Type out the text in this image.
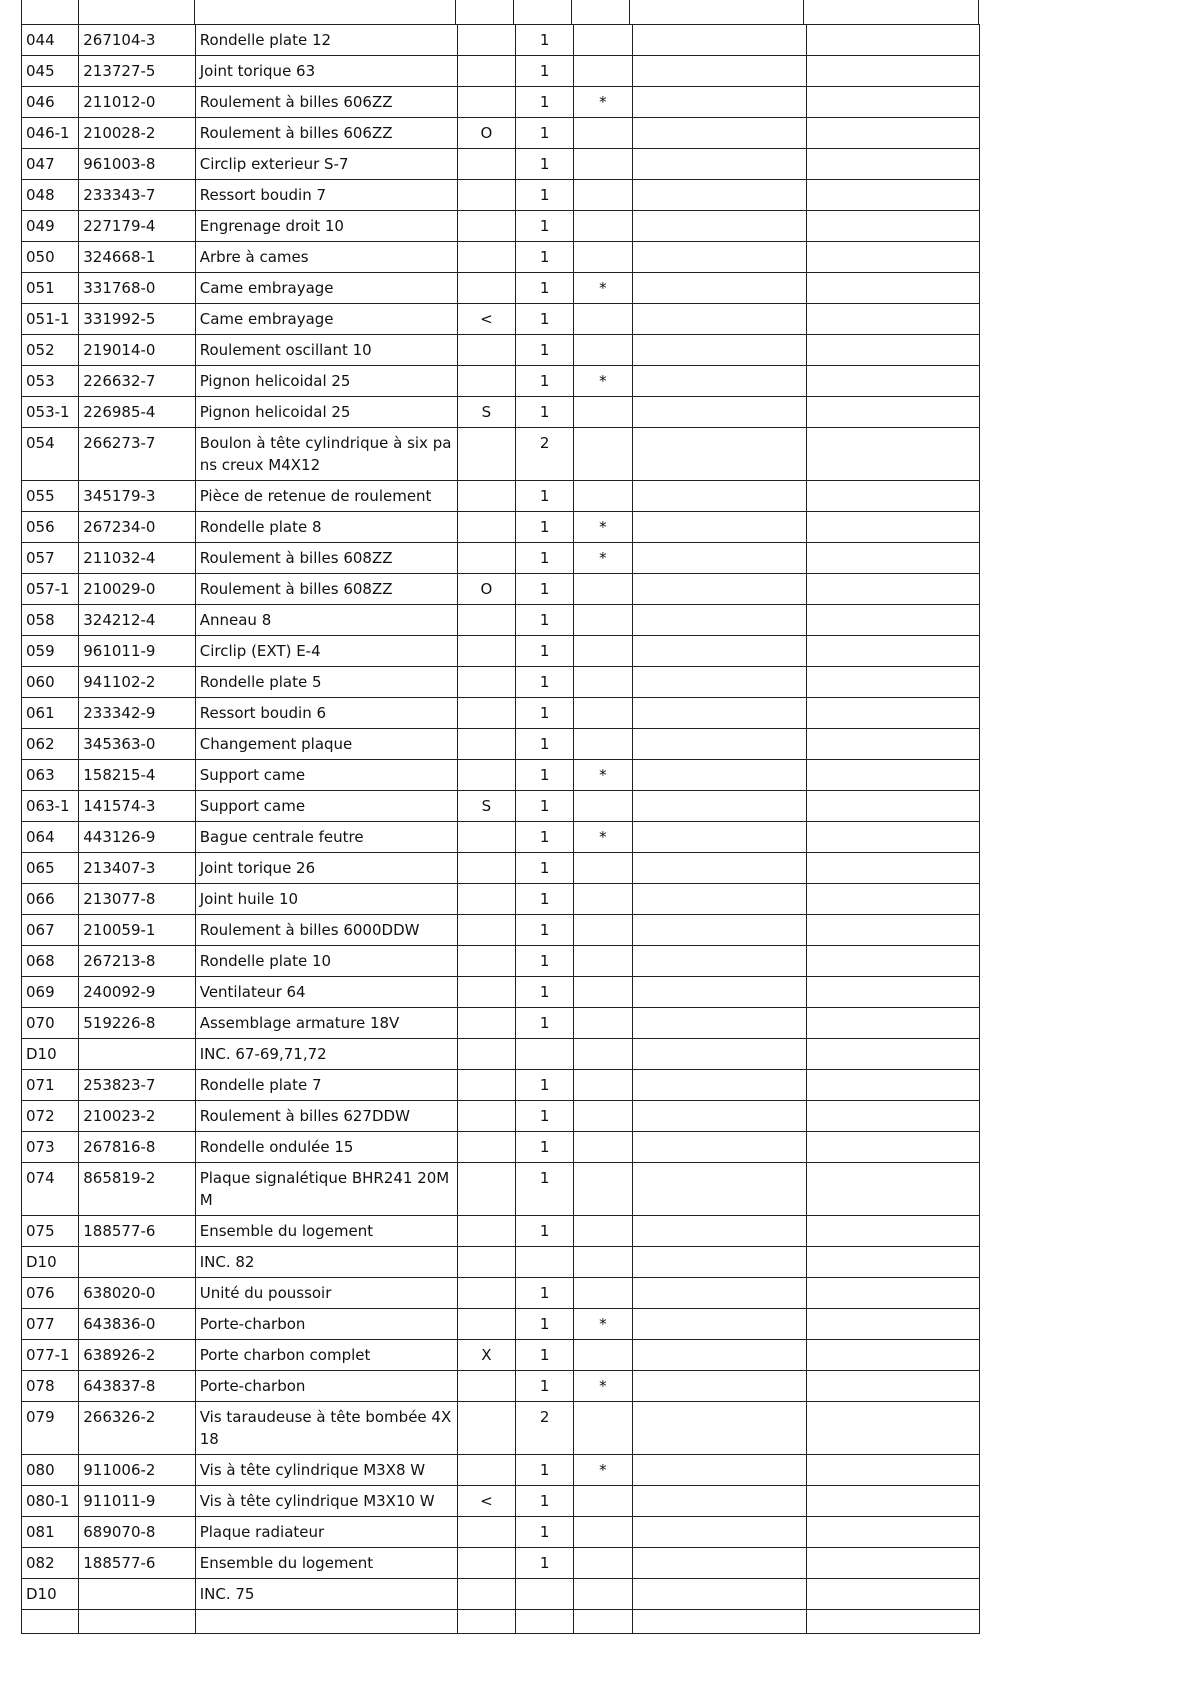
044	267104-3	Rondelle plate 12		1			
045	213727-5	Joint torique 63		1			
046	211012-0	Roulement à billes 606ZZ		1	*		
046-1	210028-2	Roulement à billes 606ZZ	O	1			
047	961003-8	Circlip exterieur S-7		1			
048	233343-7	Ressort boudin 7		1			
049	227179-4	Engrenage droit 10		1			
050	324668-1	Arbre à cames		1			
051	331768-0	Came embrayage		1	*		
051-1	331992-5	Came embrayage	<	1			
052	219014-0	Roulement oscillant 10		1			
053	226632-7	Pignon helicoidal 25		1	*		
053-1	226985-4	Pignon helicoidal 25	S	1			
054	266273-7	Boulon à tête cylindrique à six pa ns creux M4X12		2			
055	345179-3	Pièce de retenue de roulement		1			
056	267234-0	Rondelle plate 8		1	*		
057	211032-4	Roulement à billes 608ZZ		1	*		
057-1	210029-0	Roulement à billes 608ZZ	O	1			
058	324212-4	Anneau 8		1			
059	961011-9	Circlip (EXT) E-4		1			
060	941102-2	Rondelle plate 5		1			
061	233342-9	Ressort boudin 6		1			
062	345363-0	Changement plaque		1			
063	158215-4	Support came		1	*		
063-1	141574-3	Support came	S	1			
064	443126-9	Bague centrale feutre		1	*		
065	213407-3	Joint torique 26		1			
066	213077-8	Joint huile 10		1			
067	210059-1	Roulement à billes 6000DDW		1			
068	267213-8	Rondelle plate 10		1			
069	240092-9	Ventilateur 64		1			
070	519226-8	Assemblage armature 18V		1			
D10		INC. 67-69,71,72					
071	253823-7	Rondelle plate 7		1			
072	210023-2	Roulement à billes 627DDW		1			
073	267816-8	Rondelle ondulée 15		1			
074	865819-2	Plaque signalétique BHR241 20M M		1			
075	188577-6	Ensemble du logement		1			
D10		INC. 82					
076	638020-0	Unité du poussoir		1			
077	643836-0	Porte-charbon		1	*		
077-1	638926-2	Porte charbon complet	X	1			
078	643837-8	Porte-charbon		1	*		
079	266326-2	Vis taraudeuse à tête bombée 4X 18		2			
080	911006-2	Vis à tête cylindrique M3X8 W		1	*		
080-1	911011-9	Vis à tête cylindrique M3X10 W	<	1			
081	689070-8	Plaque radiateur		1			
082	188577-6	Ensemble du logement		1			
D10		INC. 75					
